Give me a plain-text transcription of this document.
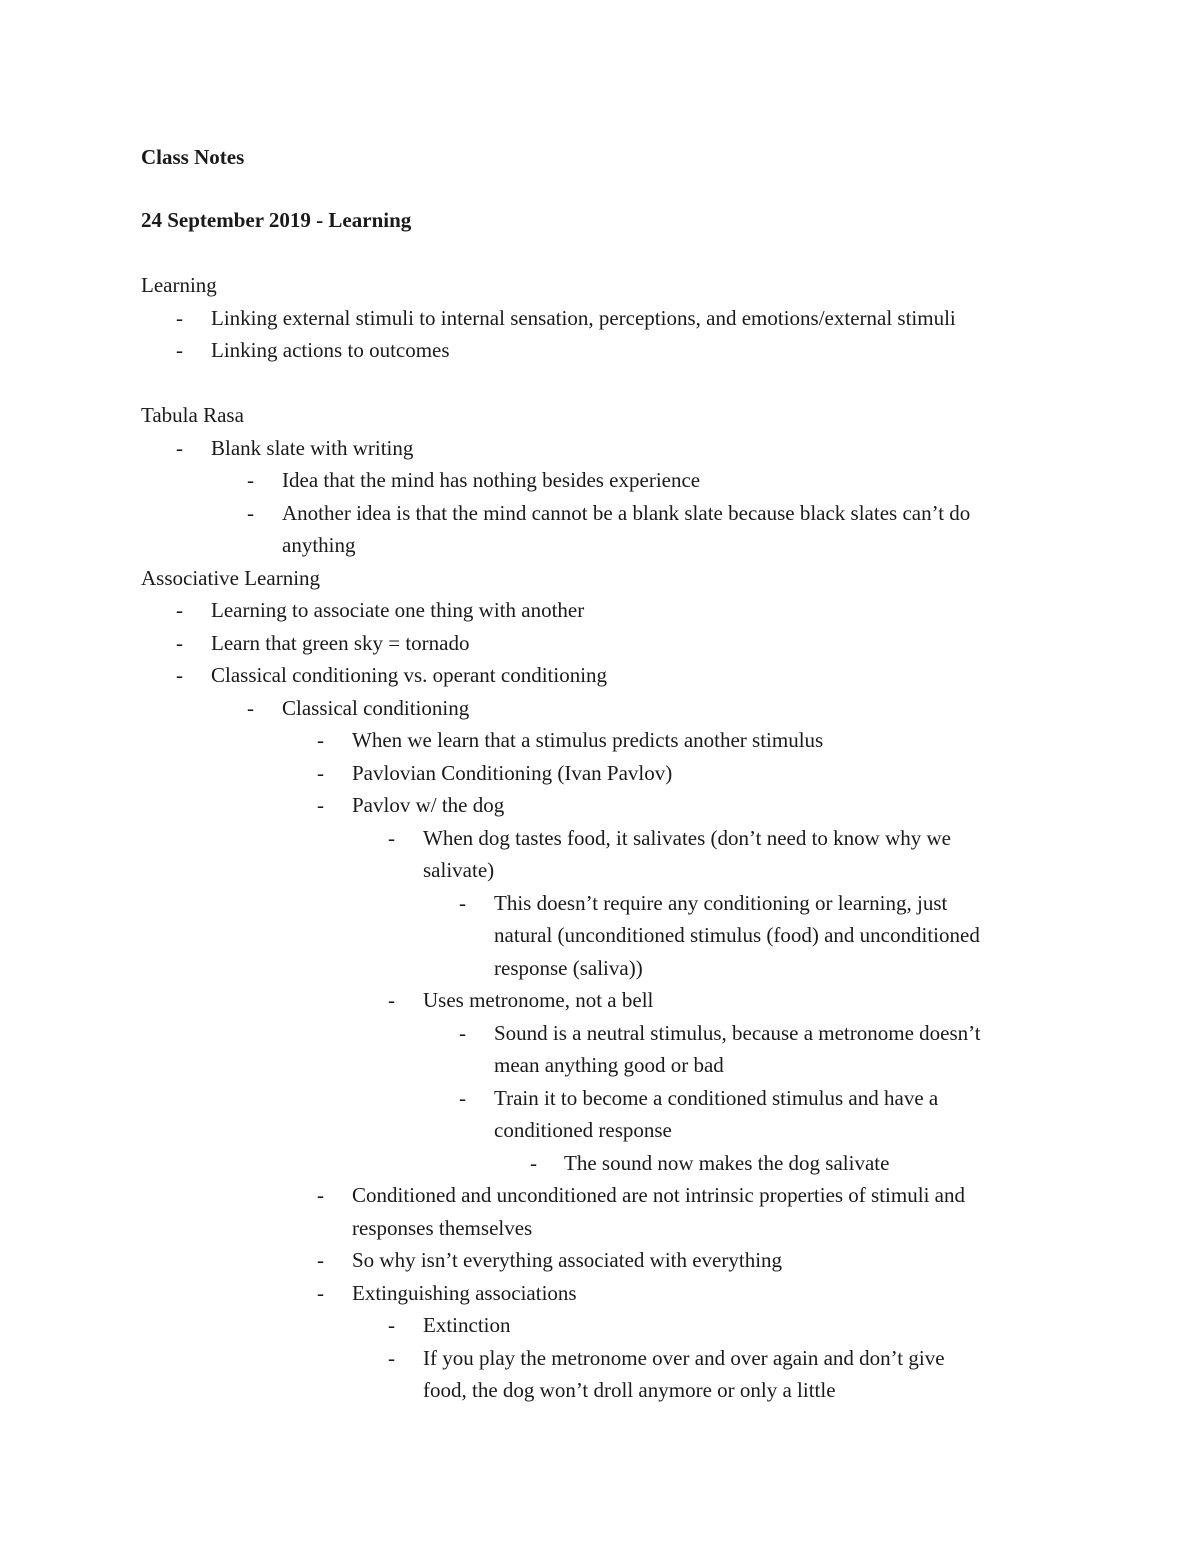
Class Notes
24 September 2019 - Learning
Learning
- Linking external stimuli to internal sensation, perceptions, and emotions/external stimuli
- Linking actions to outcomes
Tabula Rasa
- Blank slate with writing
- Idea that the mind has nothing besides experience
- Another idea is that the mind cannot be a blank slate because black slates can’t do
anything
Associative Learning
- Learning to associate one thing with another
- Learn that green sky = tornado
- Classical conditioning vs. operant conditioning
- Classical conditioning
- When we learn that a stimulus predicts another stimulus
- Pavlovian Conditioning (Ivan Pavlov)
- Pavlov w/ the dog
- When dog tastes food, it salivates (don’t need to know why we
salivate)
- This doesn’t require any conditioning or learning, just
natural (unconditioned stimulus (food) and unconditioned
response (saliva))
- Uses metronome, not a bell
- Sound is a neutral stimulus, because a metronome doesn’t
mean anything good or bad
- Train it to become a conditioned stimulus and have a
conditioned response
- The sound now makes the dog salivate
- Conditioned and unconditioned are not intrinsic properties of stimuli and
responses themselves
- So why isn’t everything associated with everything
- Extinguishing associations
- Extinction
- If you play the metronome over and over again and don’t give
food, the dog won’t droll anymore or only a little
